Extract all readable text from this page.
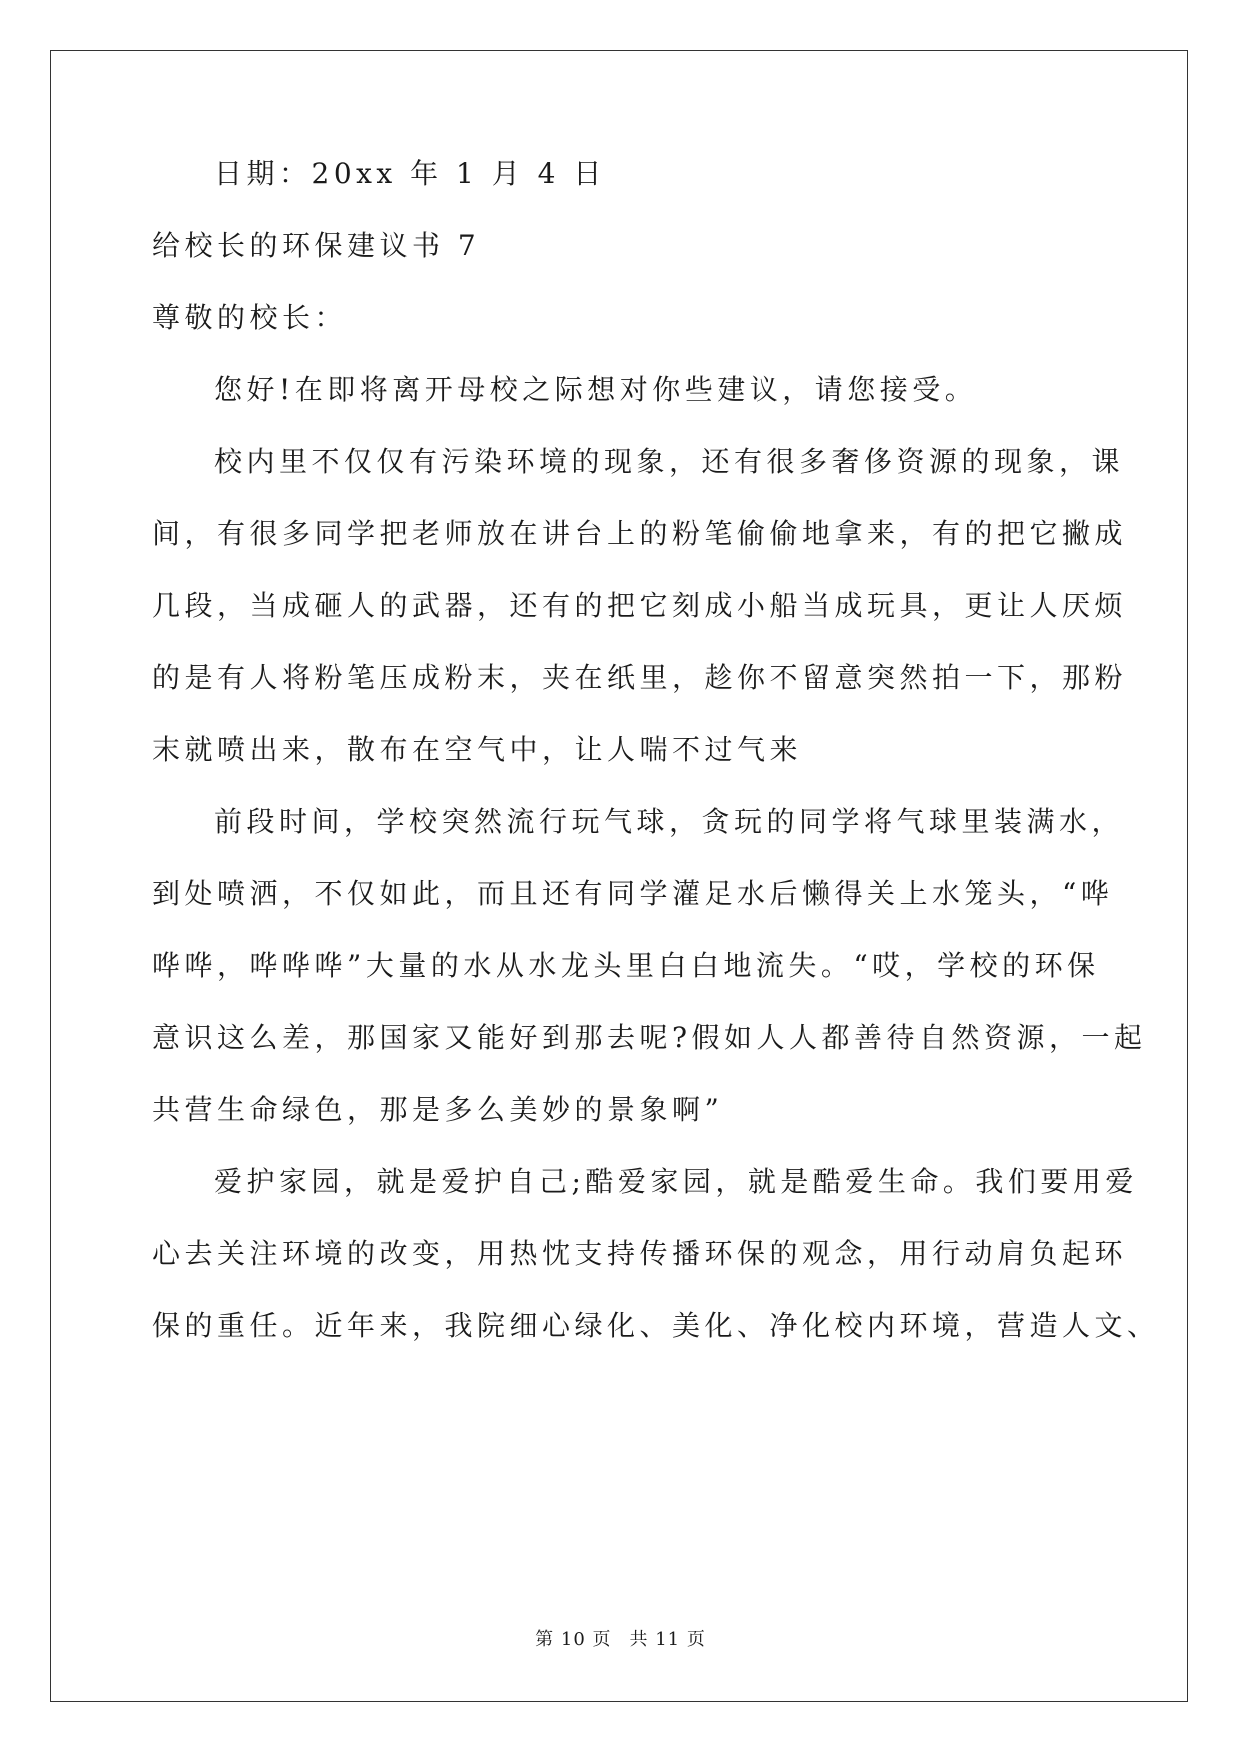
日期：20xx 年 1 月 4 日
给校长的环保建议书 7
尊敬的校长：
您好!在即将离开母校之际想对你些建议，请您接受。
校内里不仅仅有污染环境的现象，还有很多奢侈资源的现象，课
间，有很多同学把老师放在讲台上的粉笔偷偷地拿来，有的把它撇成
几段，当成砸人的武器，还有的把它刻成小船当成玩具，更让人厌烦
的是有人将粉笔压成粉末，夹在纸里，趁你不留意突然拍一下，那粉
末就喷出来，散布在空气中，让人喘不过气来
前段时间，学校突然流行玩气球，贪玩的同学将气球里装满水，
到处喷洒，不仅如此，而且还有同学灌足水后懒得关上水笼头，“哗
哗哗，哗哗哗”大量的水从水龙头里白白地流失。“哎，学校的环保
意识这么差，那国家又能好到那去呢?假如人人都善待自然资源，一起
共营生命绿色，那是多么美妙的景象啊”
爱护家园，就是爱护自己;酷爱家园，就是酷爱生命。我们要用爱
心去关注环境的改变，用热忱支持传播环保的观念，用行动肩负起环
保的重任。近年来，我院细心绿化、美化、净化校内环境，营造人文、
第 10 页 共 11 页
